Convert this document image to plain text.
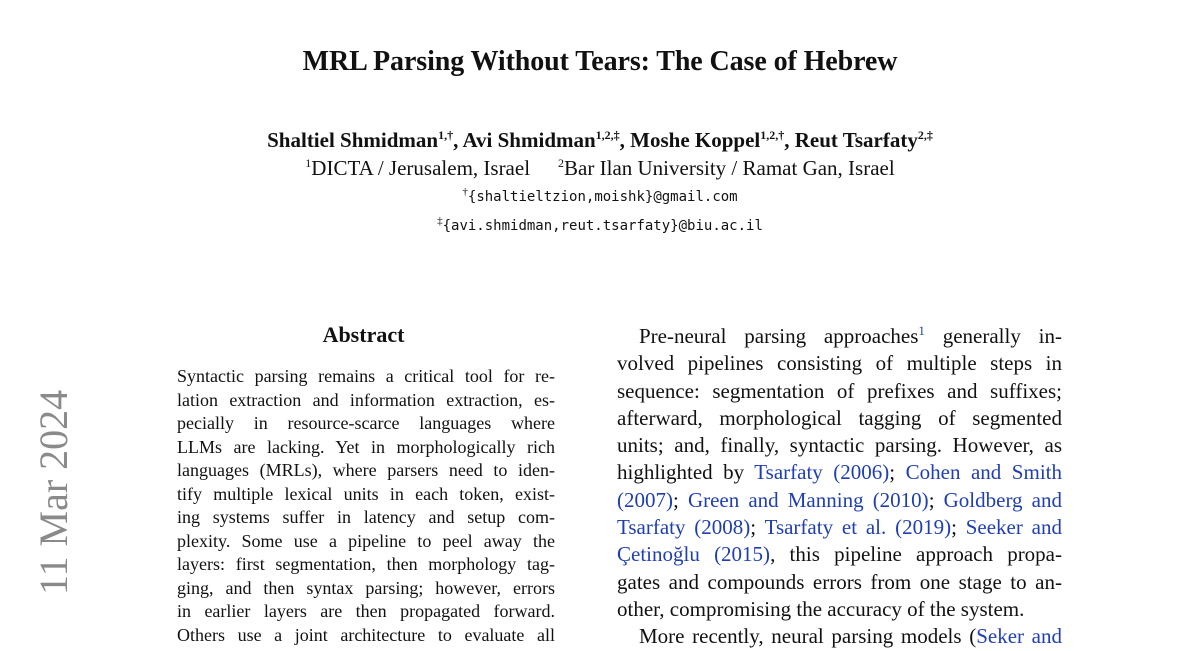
11 Mar 2024
MRL Parsing Without Tears: The Case of Hebrew
Shaltiel Shmidman$^{1,\dagger}$, Avi Shmidman$^{1,2,\ddagger}$, Moshe Koppel$^{1,2,\dagger}$, Reut Tsarfaty$^{2,\ddagger}$
$^1$DICTA / Jerusalem, Israel $^2$Bar Ilan University / Ramat Gan, Israel
†{shaltieltzion,moishk}@gmail.com
‡{avi.shmidman,reut.tsarfaty}@biu.ac.il
Abstract
Syntactic parsing remains a critical tool for re-
lation extraction and information extraction, es-
pecially in resource-scarce languages where
LLMs are lacking. Yet in morphologically rich
languages (MRLs), where parsers need to iden-
tify multiple lexical units in each token, exist-
ing systems suffer in latency and setup com-
plexity. Some use a pipeline to peel away the
layers: first segmentation, then morphology tag-
ging, and then syntax parsing; however, errors
in earlier layers are then propagated forward.
Others use a joint architecture to evaluate all
Pre-neural parsing approaches$^1$ generally in-
volved pipelines consisting of multiple steps in
sequence: segmentation of prefixes and suffixes;
afterward, morphological tagging of segmented
units; and, finally, syntactic parsing. However, as
highlighted by Tsarfaty (2006); Cohen and Smith
(2007); Green and Manning (2010); Goldberg and
Tsarfaty (2008); Tsarfaty et al. (2019); Seeker and
Çetinoğlu (2015), this pipeline approach propa-
gates and compounds errors from one stage to an-
other, compromising the accuracy of the system.
More recently, neural parsing models (Seker and
